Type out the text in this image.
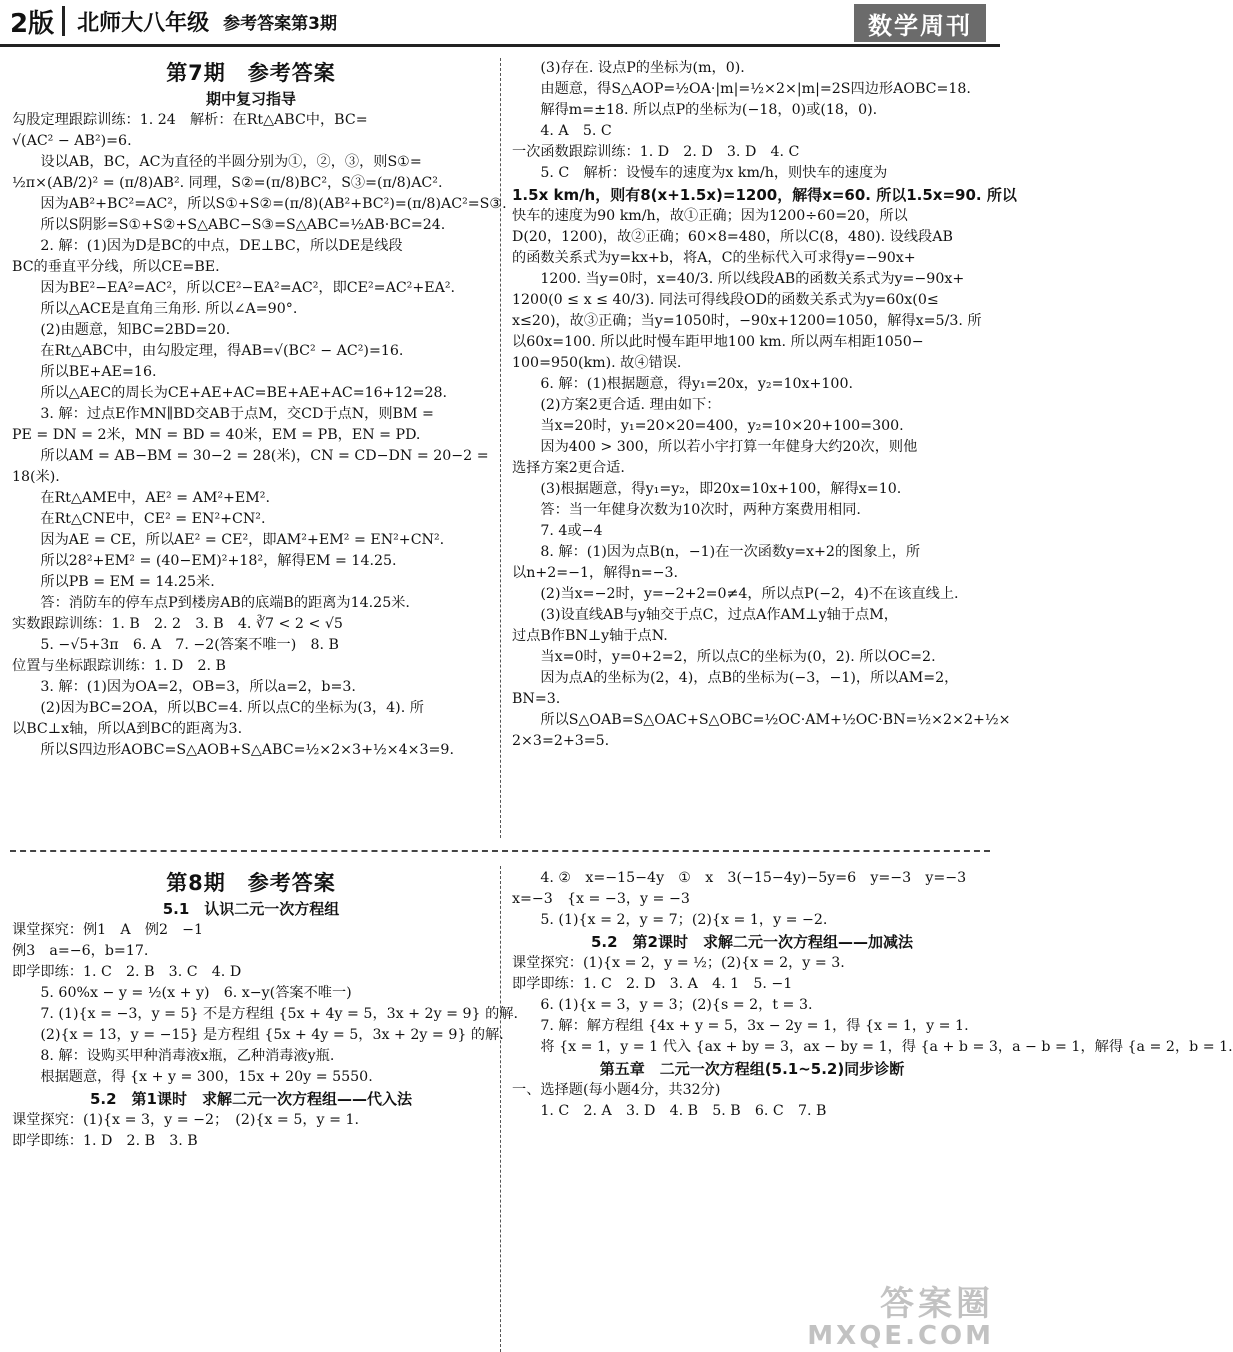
2版 北师大八年级 参考答案第3期	数学周刊

第7期　参考答案

期中复习指导

勾股定理跟踪训练：1. 24　解析：在Rt△ABC中，BC=

√(AC² − AB²)=6.

设以AB，BC，AC为直径的半圆分别为①，②，③，则S①=

½π×(AB/2)² = (π/8)AB². 同理，S②=(π/8)BC²，S③=(π/8)AC².

因为AB²+BC²=AC²，所以S①+S②=(π/8)(AB²+BC²)=(π/8)AC²=S③.

所以S阴影=S①+S②+S△ABC−S③=S△ABC=½AB·BC=24.

2. 解：(1)因为D是BC的中点，DE⊥BC，所以DE是线段

BC的垂直平分线，所以CE=BE.

因为BE²−EA²=AC²，所以CE²−EA²=AC²，即CE²=AC²+EA².

所以△ACE是直角三角形. 所以∠A=90°.

(2)由题意，知BC=2BD=20.

在Rt△ABC中，由勾股定理，得AB=√(BC² − AC²)=16.

所以BE+AE=16.

所以△AEC的周长为CE+AE+AC=BE+AE+AC=16+12=28.

3. 解：过点E作MN∥BD交AB于点M，交CD于点N，则BM =

PE = DN = 2米，MN = BD = 40米，EM = PB，EN = PD.

所以AM = AB−BM = 30−2 = 28(米)，CN = CD−DN = 20−2 =

18(米).

在Rt△AME中，AE² = AM²+EM².

在Rt△CNE中，CE² = EN²+CN².

因为AE = CE，所以AE² = CE²，即AM²+EM² = EN²+CN².

所以28²+EM² = (40−EM)²+18²，解得EM = 14.25.

所以PB = EM = 14.25米.

答：消防车的停车点P到楼房AB的底端B的距离为14.25米.

实数跟踪训练：1. B　2. 2　3. B　4. ∛7 < 2 < √5

5. −√5+3π　6. A　7. −2(答案不唯一)　8. B

位置与坐标跟踪训练：1. D　2. B

3. 解：(1)因为OA=2，OB=3，所以a=2，b=3.

(2)因为BC=2OA，所以BC=4. 所以点C的坐标为(3，4). 所

以BC⊥x轴，所以A到BC的距离为3.

所以S四边形AOBC=S△AOB+S△ABC=½×2×3+½×4×3=9.

(3)存在. 设点P的坐标为(m，0).

由题意，得S△AOP=½OA·|m|=½×2×|m|=2S四边形AOBC=18.

解得m=±18. 所以点P的坐标为(−18，0)或(18，0).

4. A　5. C

一次函数跟踪训练：1. D　2. D　3. D　4. C

5. C　解析：设慢车的速度为x km/h，则快车的速度为

1.5x km/h，则有8(x+1.5x)=1200，解得x=60. 所以1.5x=90. 所以

快车的速度为90 km/h，故①正确；因为1200÷60=20，所以

D(20，1200)，故②正确；60×8=480，所以C(8，480). 设线段AB

的函数关系式为y=kx+b，将A，C的坐标代入可求得y=−90x+

1200. 当y=0时，x=40/3. 所以线段AB的函数关系式为y=−90x+

1200(0 ≤ x ≤ 40/3). 同法可得线段OD的函数关系式为y=60x(0≤

x≤20)，故③正确；当y=1050时，−90x+1200=1050，解得x=5/3. 所

以60x=100. 所以此时慢车距甲地100 km. 所以两车相距1050−

100=950(km). 故④错误.

6. 解：(1)根据题意，得y₁=20x，y₂=10x+100.

(2)方案2更合适. 理由如下：

当x=20时，y₁=20×20=400，y₂=10×20+100=300.

因为400 > 300，所以若小宇打算一年健身大约20次，则他

选择方案2更合适.

(3)根据题意，得y₁=y₂，即20x=10x+100，解得x=10.

答：当一年健身次数为10次时，两种方案费用相同.

7. 4或−4

8. 解：(1)因为点B(n，−1)在一次函数y=x+2的图象上，所

以n+2=−1，解得n=−3.

(2)当x=−2时，y=−2+2=0≠4，所以点P(−2，4)不在该直线上.

(3)设直线AB与y轴交于点C，过点A作AM⊥y轴于点M，

过点B作BN⊥y轴于点N.

当x=0时，y=0+2=2，所以点C的坐标为(0，2). 所以OC=2.

因为点A的坐标为(2，4)，点B的坐标为(−3，−1)，所以AM=2，

BN=3.

所以S△OAB=S△OAC+S△OBC=½OC·AM+½OC·BN=½×2×2+½×

2×3=2+3=5.

第8期　参考答案

5.1　认识二元一次方程组

课堂探究：例1　A　例2　−1

例3　a=−6，b=17.

即学即练：1. C　2. B　3. C　4. D

5. 60%x − y = ½(x + y)　6. x−y(答案不唯一)

7. (1){x = −3，y = 5} 不是方程组 {5x + 4y = 5，3x + 2y = 9} 的解.

(2){x = 13，y = −15} 是方程组 {5x + 4y = 5，3x + 2y = 9} 的解.

8. 解：设购买甲种消毒液x瓶，乙种消毒液y瓶.

根据题意，得 {x + y = 300，15x + 20y = 5550.

5.2　第1课时　求解二元一次方程组——代入法

课堂探究：(1){x = 3，y = −2；　(2){x = 5，y = 1.

即学即练：1. D　2. B　3. B

4. ②　x=−15−4y　①　x　3(−15−4y)−5y=6　y=−3　y=−3

x=−3　{x = −3，y = −3

5. (1){x = 2，y = 7；(2){x = 1，y = −2.

5.2　第2课时　求解二元一次方程组——加减法

课堂探究：(1){x = 2，y = ½；(2){x = 2，y = 3.

即学即练：1. C　2. D　3. A　4. 1　5. −1

6. (1){x = 3，y = 3；(2){s = 2，t = 3.

7. 解：解方程组 {4x + y = 5，3x − 2y = 1，得 {x = 1，y = 1.

将 {x = 1，y = 1 代入 {ax + by = 3，ax − by = 1，得 {a + b = 3，a − b = 1，解得 {a = 2，b = 1.

第五章　二元一次方程组(5.1~5.2)同步诊断

一、选择题(每小题4分，共32分)

1. C　2. A　3. D　4. B　5. B　6. C　7. B

答案圈
MXQE.COM
